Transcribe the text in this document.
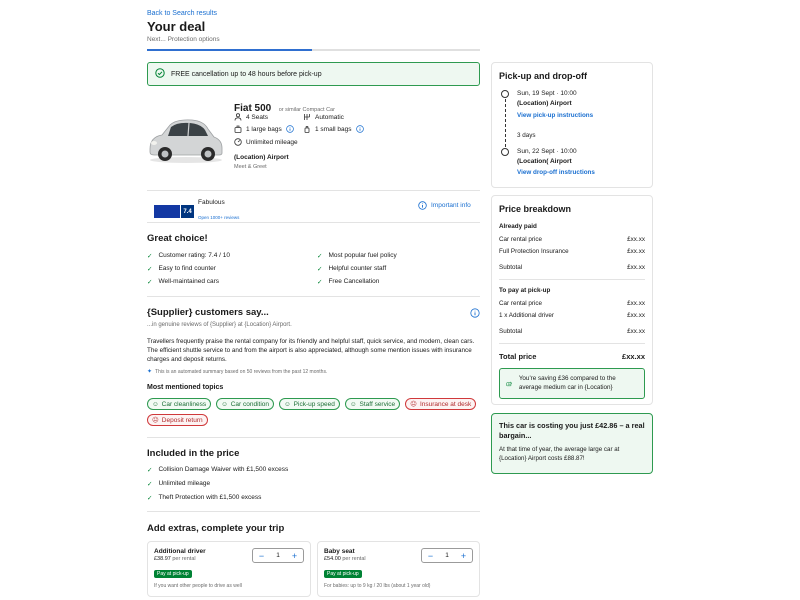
Back to Search results
Your deal
Next... Protection options
FREE cancellation up to 48 hours before pick-up
Fiat 500 or similar Compact Car
4 Seats	Automatic
1 large bags	1 small bags
Unlimited mileage
(Location) Airport
Meet & Greet
7.4
Fabulous
Open 1000+ reviews
Important info
Great choice!
✓ Customer rating: 7.4 / 10	✓ Most popular fuel policy
✓ Easy to find counter	✓ Helpful counter staff
✓ Well-maintained cars	✓ Free Cancellation
{Supplier} customers say...
...in genuine reviews of {Supplier} at {Location} Airport.
Travellers frequently praise the rental company for its friendly and helpful staff, quick service, and modern, clean cars. The efficient shuttle service to and from the airport is also appreciated, although some mention issues with insurance charges and deposit returns.
✦ This is an automated summary based on 50 reviews from the past 12 months.
Most mentioned topics
☺ Car cleanliness ☺ Car condition ☺ Pick-up speed ☺ Staff service ☹ Insurance at desk
☹ Deposit return
Included in the price
✓ Collision Damage Waiver with £1,500 excess
✓ Unlimited mileage
✓ Theft Protection with £1,500 excess
Add extras, complete your trip
Additional driver
£38.97 per rental
Pay at pick-up
If you want other people to drive as well
−	1	+	Baby seat
£54.00 per rental
Pay at pick-up
For babies: up to 9 kg / 20 lbs (about 1 year old)
−	1	+
Pick-up and drop-off
Sun, 19 Sept · 10:00
(Location) Airport
View pick-up instructions
3 days
Sun, 22 Sept · 10:00
(Location( Airport
View drop-off instructions
Price breakdown
Already paid
Car rental price	£xx.xx
Full Protection Insurance	£xx.xx
Subtotal	£xx.xx
To pay at pick-up
Car rental price	£xx.xx
1 x Additional driver	£xx.xx
Subtotal	£xx.xx
Total price	£xx.xx
You're saving £36 compared to the average medium car in {Location}
This car is costing you just £42.86 – a real bargain...
At that time of year, the average large car at {Location} Airport costs £88.87!
